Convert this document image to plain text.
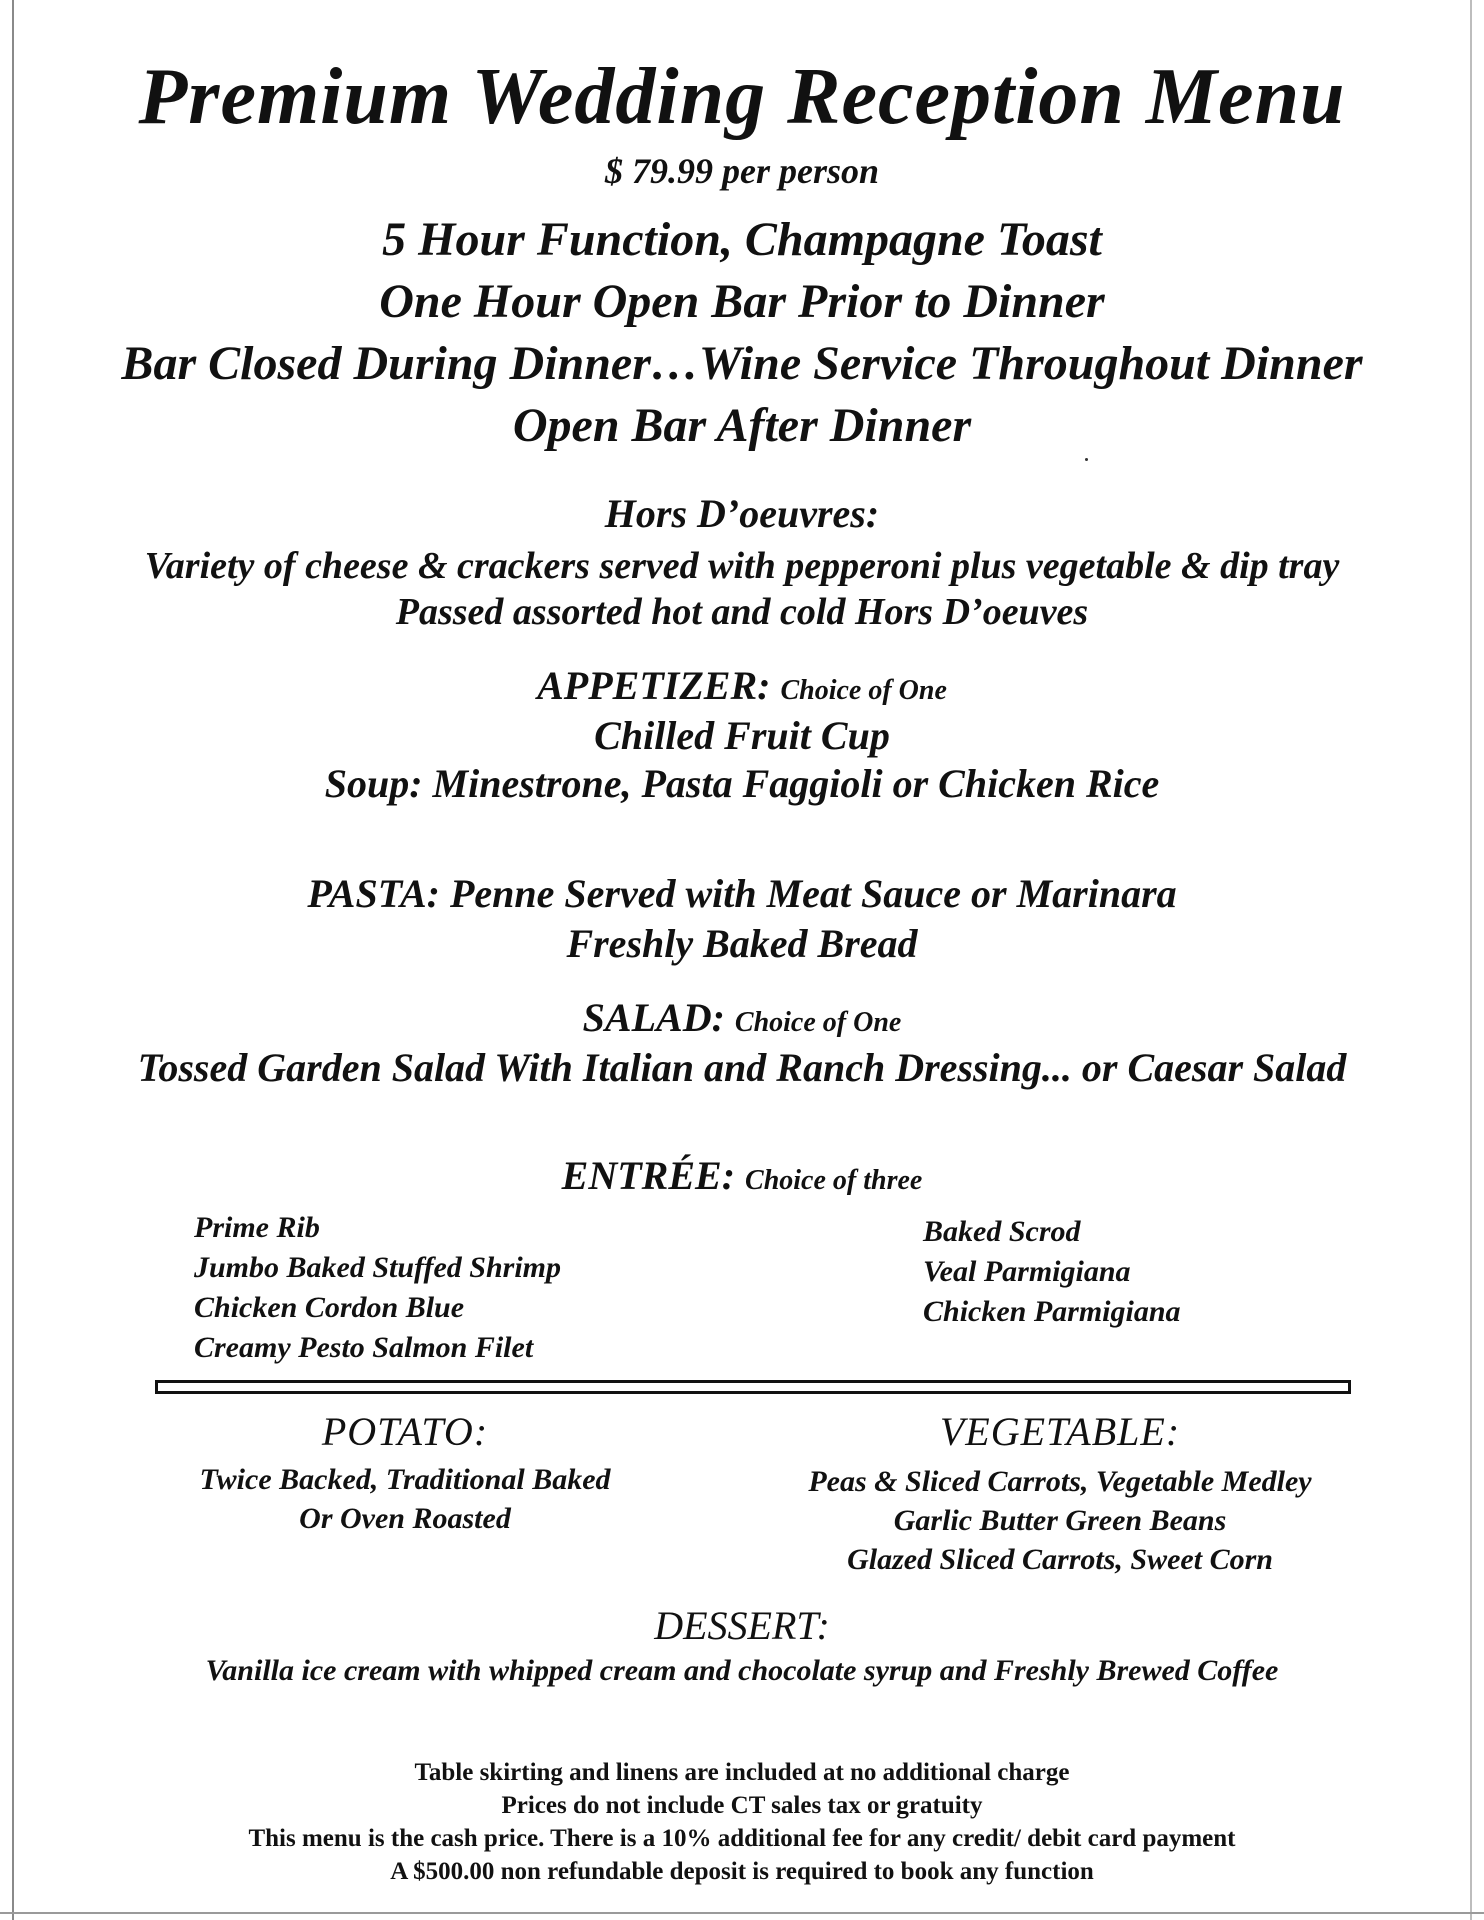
Premium Wedding Reception Menu
$ 79.99 per person
5 Hour Function, Champagne Toast
One Hour Open Bar Prior to Dinner
Bar Closed During Dinner…Wine Service Throughout Dinner
Open Bar After Dinner
Hors D’oeuvres:
Variety of cheese & crackers served with pepperoni plus vegetable & dip tray
Passed assorted hot and cold Hors D’oeuves
APPETIZER: Choice of One
Chilled Fruit Cup
Soup: Minestrone, Pasta Faggioli or Chicken Rice
PASTA: Penne Served with Meat Sauce or Marinara
Freshly Baked Bread
SALAD: Choice of One
Tossed Garden Salad With Italian and Ranch Dressing... or Caesar Salad
ENTRÉE: Choice of three
Prime Rib
Jumbo Baked Stuffed Shrimp
Chicken Cordon Blue
Creamy Pesto Salmon Filet
Baked Scrod
Veal Parmigiana
Chicken Parmigiana
POTATO:
Twice Backed, Traditional Baked
Or Oven Roasted
VEGETABLE:
Peas & Sliced Carrots, Vegetable Medley
Garlic Butter Green Beans
Glazed Sliced Carrots, Sweet Corn
DESSERT:
Vanilla ice cream with whipped cream and chocolate syrup and Freshly Brewed Coffee
Table skirting and linens are included at no additional charge
Prices do not include CT sales tax or gratuity
This menu is the cash price. There is a 10% additional fee for any credit/ debit card payment
A $500.00 non refundable deposit is required to book any function
